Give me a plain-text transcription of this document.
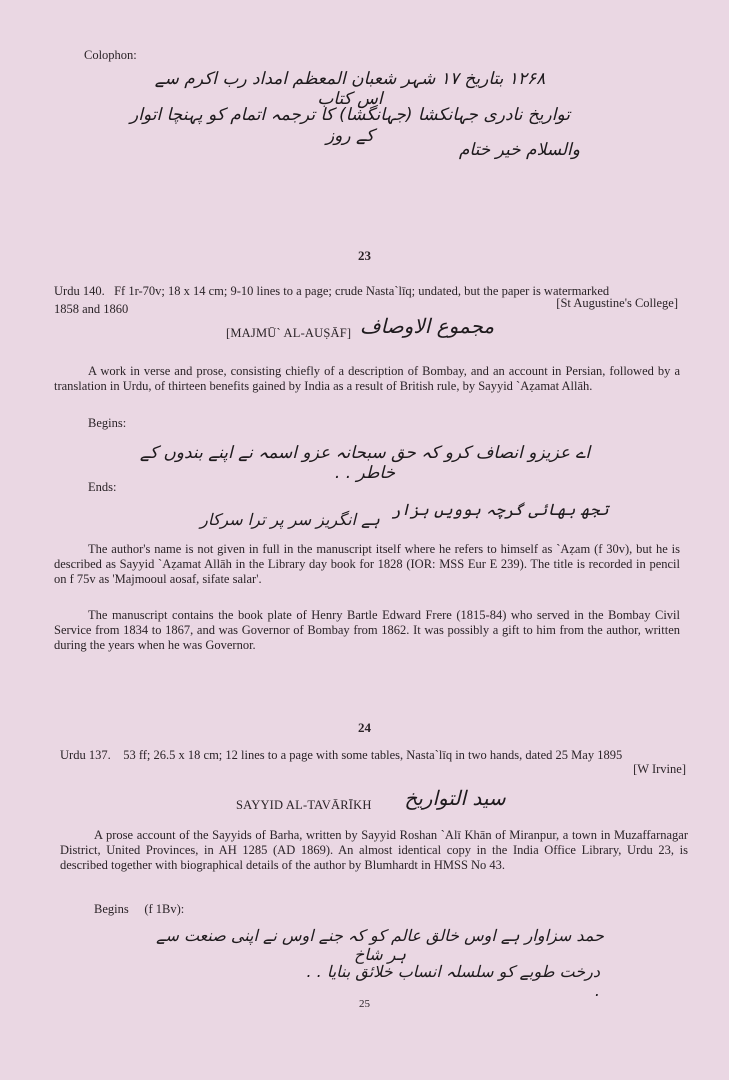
Colophon:
۱۲۶۸ بتاریخ ۱۷ شہر شعبان المعظم امداد رب اکرم سے اس کتاب
تواریخ نادری جہانکشا (جہانگشا) کا ترجمہ اتمام کو پہنچا اتوار کے روز
والسلام خیر ختام
23
Urdu 140. Ff 1r-70v; 18 x 14 cm; 9-10 lines to a page; crude Nasta`līq; undated, but the paper is watermarked
[St Augustine's College]
1858 and 1860
[MAJMŪ` AL-AUṢĀF] مجموع الاوصاف
A work in verse and prose, consisting chiefly of a description of Bombay, and an account in Persian, followed by a translation in Urdu, of thirteen benefits gained by India as a result of British rule, by Sayyid `Aẓamat Allāh.
Begins:
اے عزیزو انصاف کرو کہ حق سبحانہ عزو اسمہ نے اپنے بندوں کے خاطر . .
Ends:
تجھ بھائی گرچہ ہوویں ہزار
ہے انگریز سر پر ترا سرکار
The author's name is not given in full in the manuscript itself where he refers to himself as `Aẓam (f 30v), but he is described as Sayyid `Aẓamat Allāh in the Library day book for 1828 (IOR: MSS Eur E 239). The title is recorded in pencil on f 75v as 'Majmooul aosaf, sifate salar'.
The manuscript contains the book plate of Henry Bartle Edward Frere (1815-84) who served in the Bombay Civil Service from 1834 to 1867, and was Governor of Bombay from 1862. It was possibly a gift to him from the author, written during the years when he was Governor.
24
Urdu 137. 53 ff; 26.5 x 18 cm; 12 lines to a page with some tables, Nasta`līq in two hands, dated 25 May 1895
[W Irvine]
SAYYID AL-TAVĀRĪKH	سید التواریخ
A prose account of the Sayyids of Barha, written by Sayyid Roshan `Alī Khān of Miranpur, a town in Muzaffarnagar District, United Provinces, in AH 1285 (AD 1869). An almost identical copy in the India Office Library, Urdu 23, is described together with biographical details of the author by Blumhardt in HMSS No 43.
Begins (f 1Bv):
حمد سزاوار ہے اوس خالق عالم کو کہ جنے اوس نے اپنی صنعت سے ہر شاخ
درخت طوبے کو سلسلہ انساب خلائق بنایا . . .
25
